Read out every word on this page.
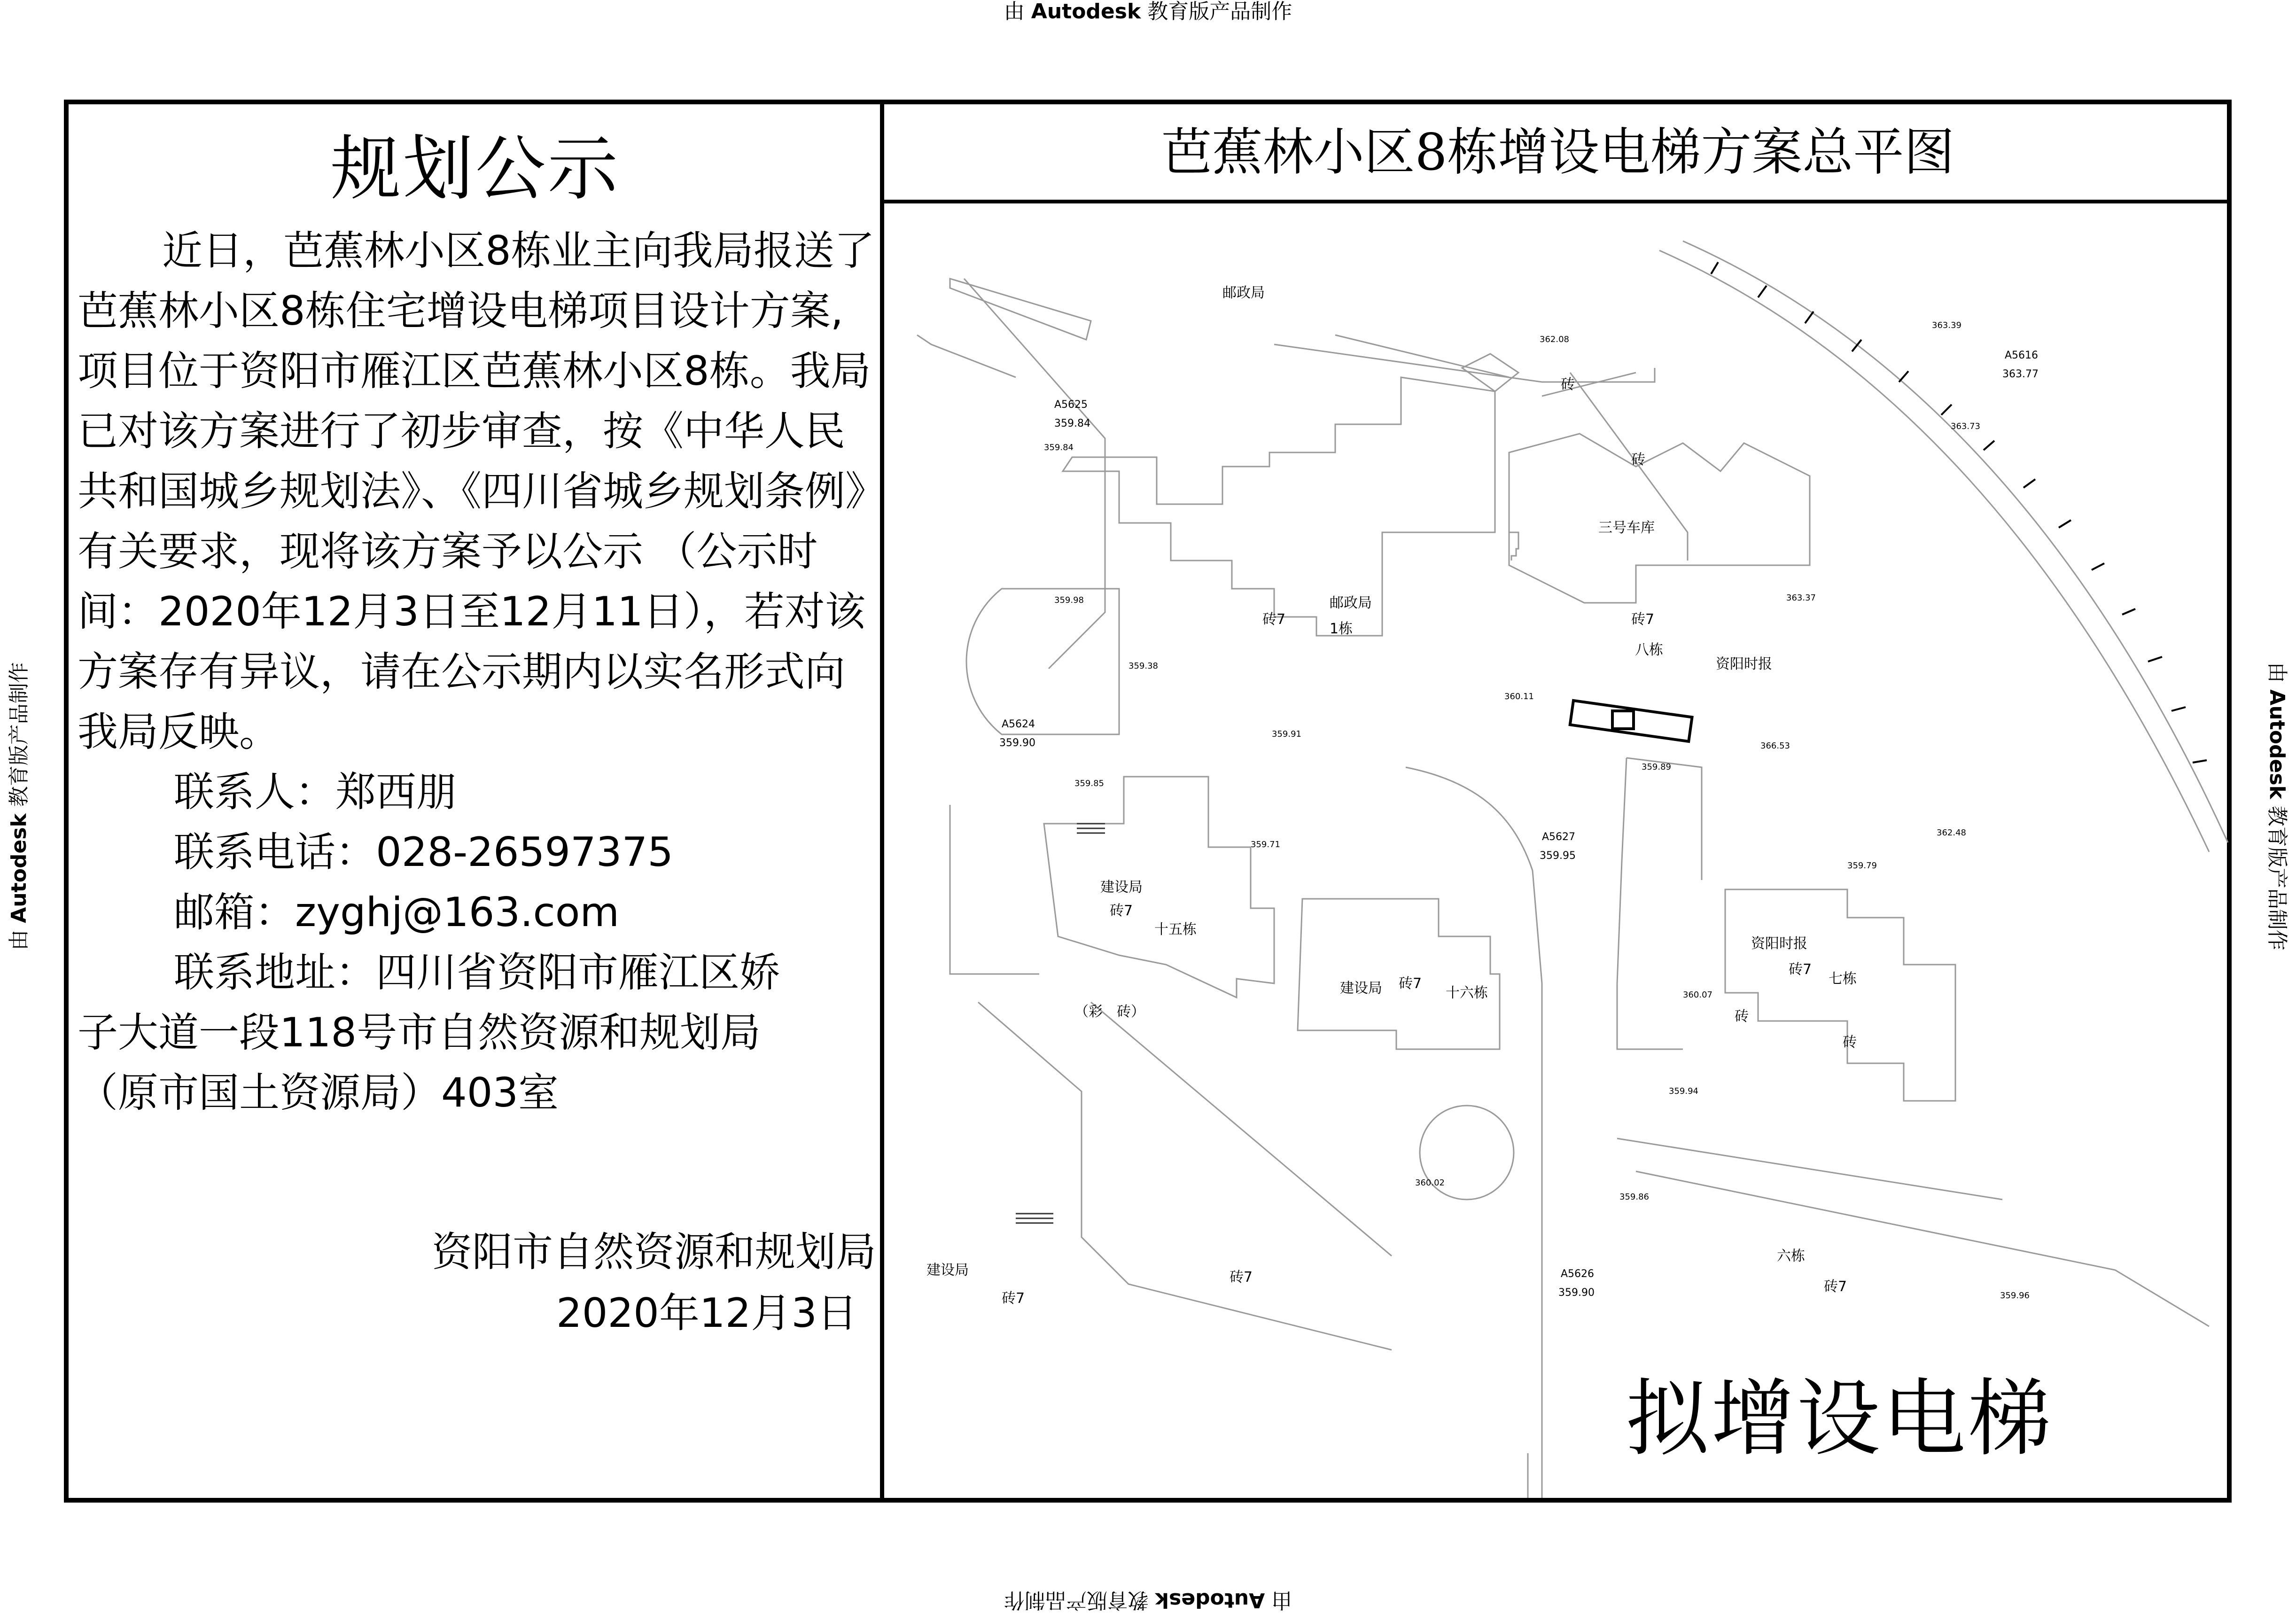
由 Autodesk 教育版产品制作
由 Autodesk 教育版产品制作
由 Autodesk 教育版产品制作	由 Autodesk 教育版产品制作
规划公示

近日，芭蕉林小区8栋业主向我局报送了芭蕉林小区8栋住宅增设电梯项目设计方案,项目位于资阳市雁江区芭蕉林小区8栋。我局已对该方案进行了初步审查，按《中华人民共和国城乡规划法》、《四川省城乡规划条例》有关要求，现将该方案予以公示 （公示时间：2020年12月3日至12月11日），若对该方案存有异议，请在公示期内以实名形式向我局反映。

联系人：郑西朋

联系电话：028-26597375

邮箱：zyghj@163.com

联系地址：四川省资阳市雁江区娇

子大道一段118号市自然资源和规划局

（原市国土资源局）403室

资阳市自然资源和规划局
2020年12月3日
芭蕉林小区8栋增设电梯方案总平图
邮政局
邮政局
1栋
砖7
三号车库
砖7
八栋
资阳时报
砖
砖
建设局
砖7
十五栋
（彩　砖）
建设局 砖7
十六栋
资阳时报
砖7
七栋
砖
砖
建设局
砖7
砖7
六栋
砖7
A5625
359.84
A5624
359.90
A5627
359.95
A5616
363.77
A5626
359.90
362.08
363.39
363.73
359.84
359.98
359.38
363.37
360.11
366.53
359.91
359.89
359.85
359.71
362.48
359.79
360.07
359.94
360.02
359.86
359.96
拟增设电梯
